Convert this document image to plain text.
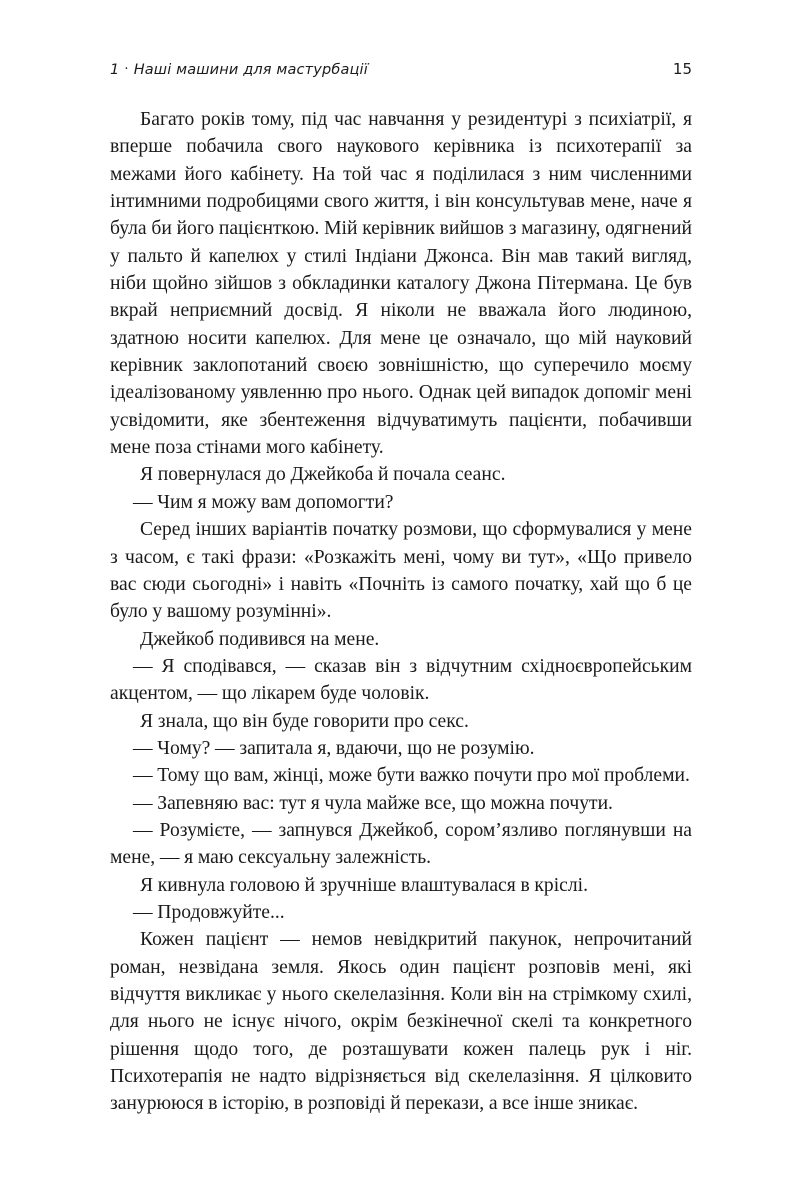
1 · Наші машини для мастурбації	15

Багато років тому, під час навчання у резидентурі з психіатрії, я вперше побачила свого наукового керівника із психотерапії за межами його кабінету. На той час я поділилася з ним численними інтимними подробицями свого життя, і він консультував мене, наче я була би його пацієнткою. Мій керівник вийшов з магазину, одягнений у пальто й капелюх у стилі Індіани Джонса. Він мав такий вигляд, ніби щойно зійшов з обкладинки каталогу Джона Пітермана. Це був вкрай неприємний досвід. Я ніколи не вважала його людиною, здатною носити капелюх. Для мене це означало, що мій науковий керівник заклопотаний своєю зовнішністю, що суперечило моєму ідеалізованому уявленню про нього. Однак цей випадок допоміг мені усвідомити, яке збентеження відчуватимуть пацієнти, побачивши мене поза стінами мого кабінету.

Я повернулася до Джейкоба й почала сеанс.

— Чим я можу вам допомогти?

Серед інших варіантів початку розмови, що сформувалися у мене з часом, є такі фрази: «Розкажіть мені, чому ви тут», «Що привело вас сюди сьогодні» і навіть «Почніть із самого початку, хай що б це було у вашому розумінні».

Джейкоб подивився на мене.

— Я сподівався, — сказав він з відчутним східноєвропейським акцентом, — що лікарем буде чоловік.

Я знала, що він буде говорити про секс.

— Чому? — запитала я, вдаючи, що не розумію.

— Тому що вам, жінці, може бути важко почути про мої проблеми.

— Запевняю вас: тут я чула майже все, що можна почути.

— Розумієте, — запнувся Джейкоб, сором’язливо поглянувши на мене, — я маю сексуальну залежність.

Я кивнула головою й зручніше влаштувалася в кріслі.

— Продовжуйте...

Кожен пацієнт — немов невідкритий пакунок, непрочитаний роман, незвідана земля. Якось один пацієнт розповів мені, які відчуття викликає у нього скелелазіння. Коли він на стрімкому схилі, для нього не існує нічого, окрім безкінечної скелі та конкретного рішення щодо того, де розташувати кожен палець рук і ніг. Психотерапія не надто відрізняється від скелелазіння. Я цілковито занурююся в історію, в розповіді й перекази, а все інше зникає.
